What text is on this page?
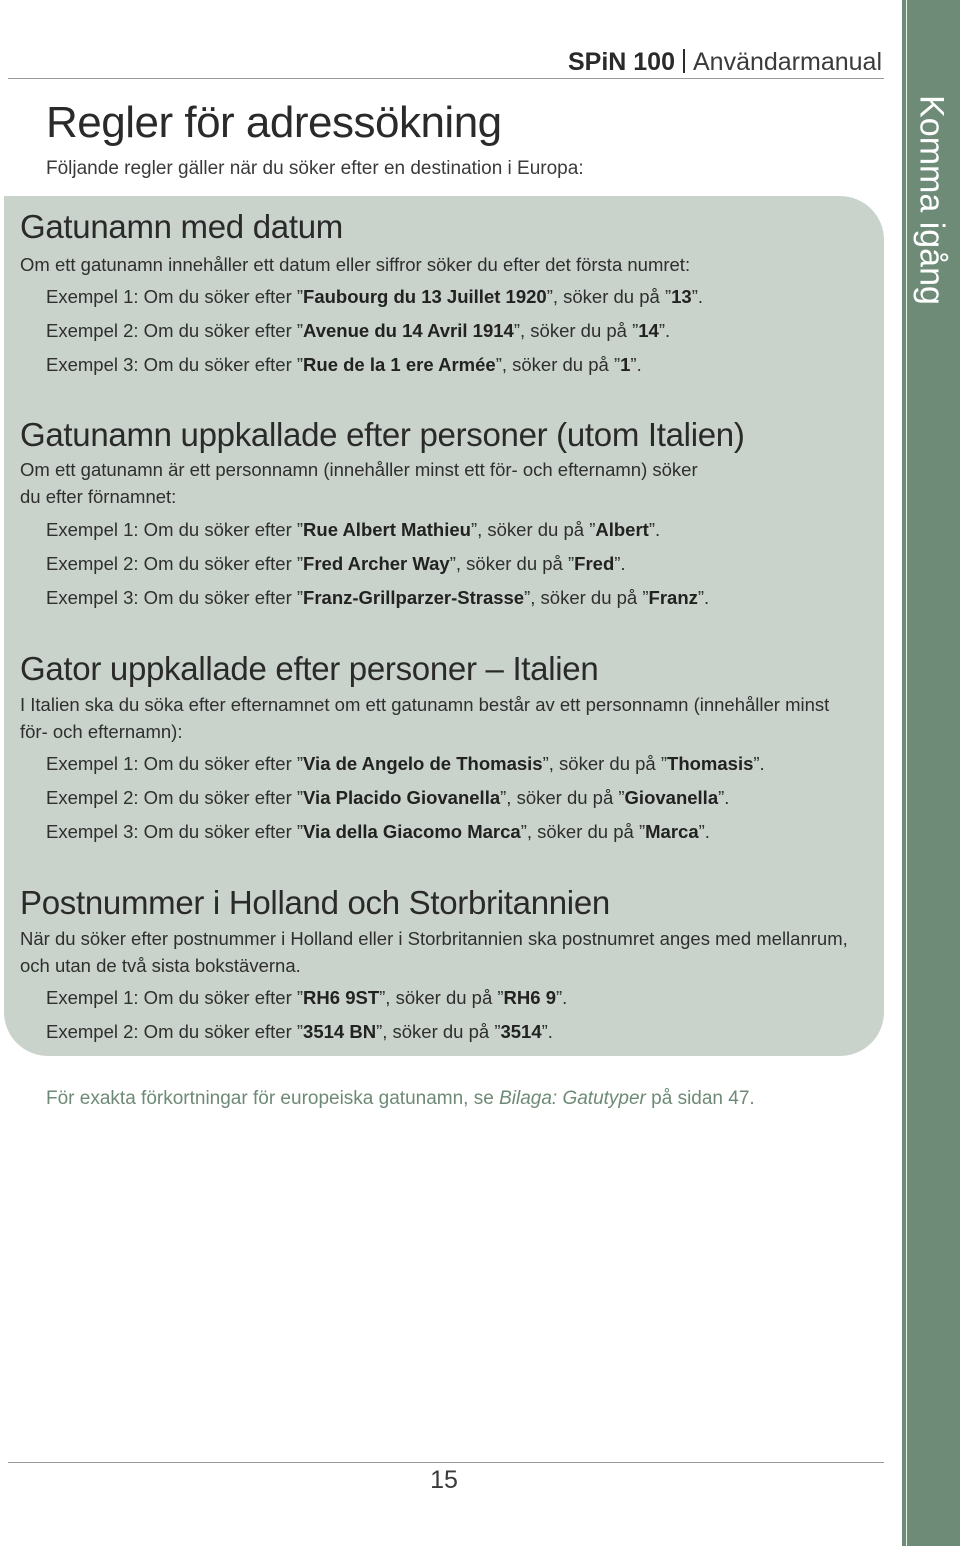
Komma igång
SPiN 100 Användarmanual
Regler för adressökning

Följande regler gäller när du söker efter en destination i Europa:

Gatunamn med datum

Om ett gatunamn innehåller ett datum eller siffror söker du efter det första numret:

Exempel 1: Om du söker efter ”Faubourg du 13 Juillet 1920”, söker du på ”13”.
Exempel 2: Om du söker efter ”Avenue du 14 Avril 1914”, söker du på ”14”.
Exempel 3: Om du söker efter ”Rue de la 1 ere Armée”, söker du på ”1”.
Gatunamn uppkallade efter personer (utom Italien)

Om ett gatunamn är ett personnamn (innehåller minst ett för- och efternamn) söker

du efter förnamnet:

Exempel 1: Om du söker efter ”Rue Albert Mathieu”, söker du på ”Albert”.
Exempel 2: Om du söker efter ”Fred Archer Way”, söker du på ”Fred”.
Exempel 3: Om du söker efter ”Franz-Grillparzer-Strasse”, söker du på ”Franz”.
Gator uppkallade efter personer – Italien

I Italien ska du söka efter efternamnet om ett gatunamn består av ett personnamn (innehåller minst

för- och efternamn):

Exempel 1: Om du söker efter ”Via de Angelo de Thomasis”, söker du på ”Thomasis”.
Exempel 2: Om du söker efter ”Via Placido Giovanella”, söker du på ”Giovanella”.
Exempel 3: Om du söker efter ”Via della Giacomo Marca”, söker du på ”Marca”.
Postnummer i Holland och Storbritannien

När du söker efter postnummer i Holland eller i Storbritannien ska postnumret anges med mellanrum,

och utan de två sista bokstäverna.

Exempel 1: Om du söker efter ”RH6 9ST”, söker du på ”RH6 9”.
Exempel 2: Om du söker efter ”3514 BN”, söker du på ”3514”.

För exakta förkortningar för europeiska gatunamn, se Bilaga: Gatutyper på sidan 47.

15
